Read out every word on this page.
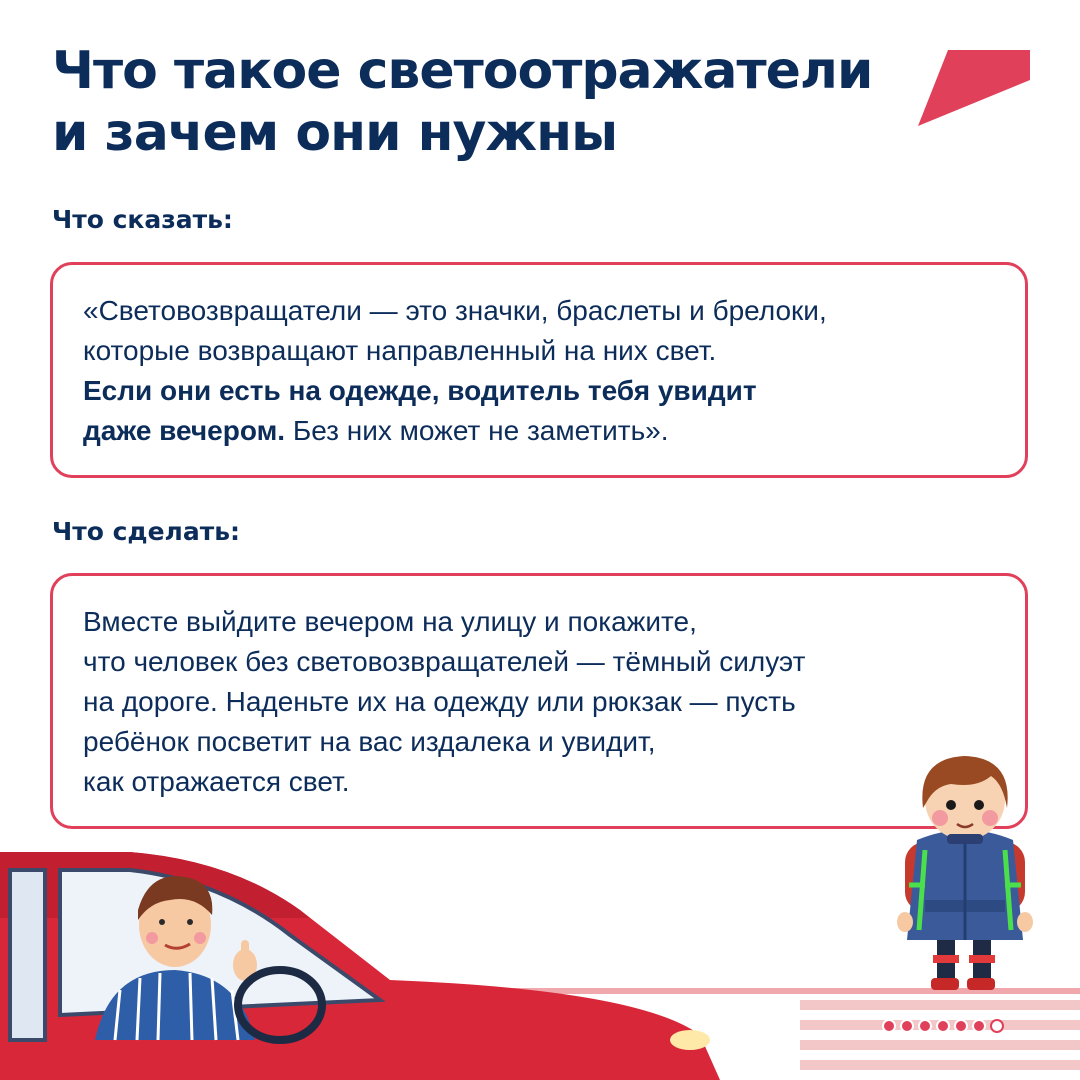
Что такое светоотражатели
и зачем они нужны
Что сказать:

«Световозвращатели — это значки, браслеты и брелоки,

которые возвращают направленный на них свет.

Если они есть на одежде, водитель тебя увидит

даже вечером. Без них может не заметить».

Что сделать:

Вместе выйдите вечером на улицу и покажите,

что человек без световозвращателей — тёмный силуэт

на дороге. Наденьте их на одежду или рюкзак — пусть

ребёнок посветит на вас издалека и увидит,

как отражается свет.
